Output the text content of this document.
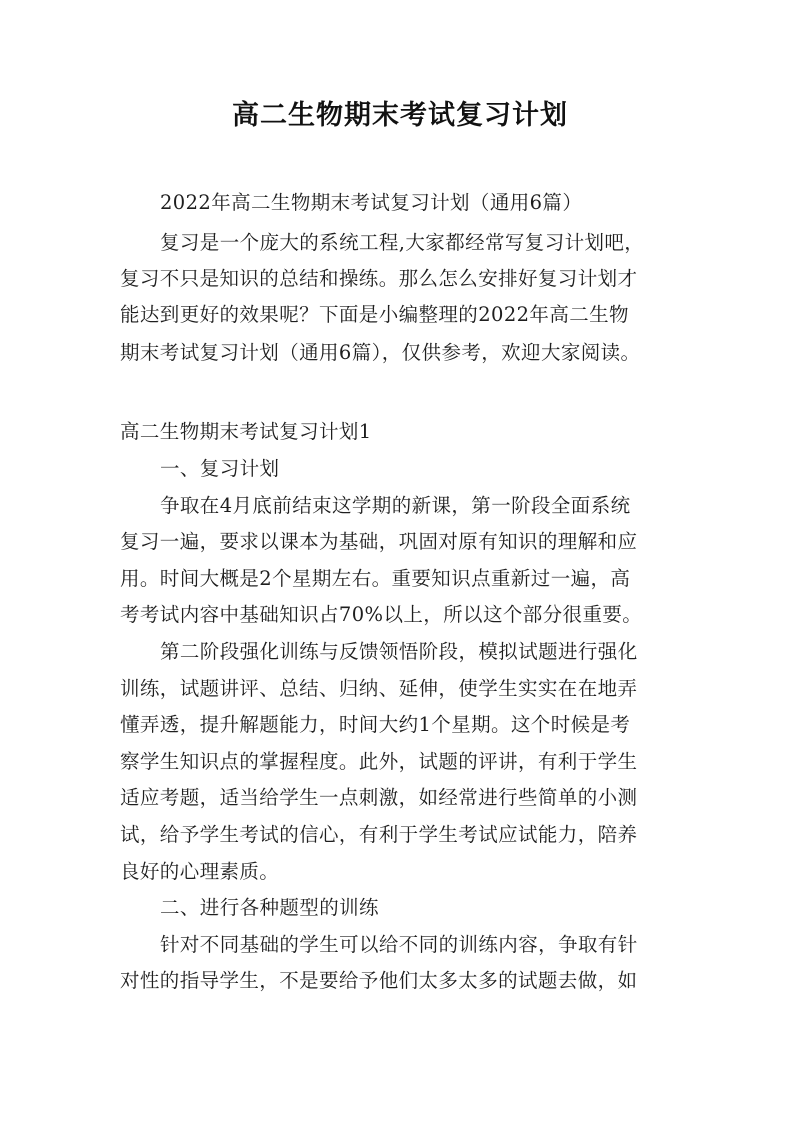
高二生物期末考试复习计划
2022年高二生物期末考试复习计划（通用6篇）
复习是一个庞大的系统工程,大家都经常写复习计划吧，
复习不只是知识的总结和操练。那么怎么安排好复习计划才
能达到更好的效果呢？下面是小编整理的2022年高二生物
期末考试复习计划（通用6篇），仅供参考，欢迎大家阅读。
高二生物期末考试复习计划1
一、复习计划
争取在4月底前结束这学期的新课，第一阶段全面系统
复习一遍，要求以课本为基础，巩固对原有知识的理解和应
用。时间大概是2个星期左右。重要知识点重新过一遍，高
考考试内容中基础知识占70%以上，所以这个部分很重要。
第二阶段强化训练与反馈领悟阶段，模拟试题进行强化
训练，试题讲评、总结、归纳、延伸，使学生实实在在地弄
懂弄透，提升解题能力，时间大约1个星期。这个时候是考
察学生知识点的掌握程度。此外，试题的评讲，有利于学生
适应考题，适当给学生一点刺激，如经常进行些简单的小测
试，给予学生考试的信心，有利于学生考试应试能力，陪养
良好的心理素质。
二、进行各种题型的训练
针对不同基础的学生可以给不同的训练内容，争取有针
对性的指导学生，不是要给予他们太多太多的试题去做，如
